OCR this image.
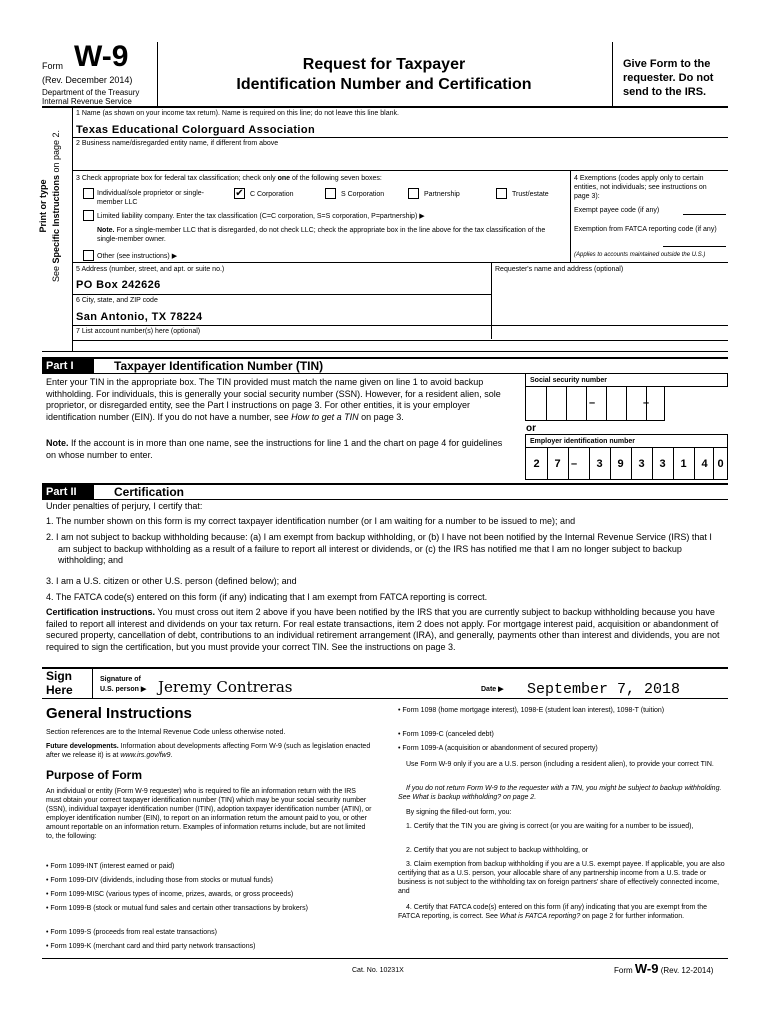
Form W-9
(Rev. December 2014)
Department of the Treasury
Internal Revenue Service
Request for Taxpayer
Identification Number and Certification
Give Form to the requester. Do not send to the IRS.
Print or type
See Specific Instructions on page 2.
1 Name (as shown on your income tax return). Name is required on this line; do not leave this line blank.
Texas Educational Colorguard Association
2 Business name/disregarded entity name, if different from above
3 Check appropriate box for federal tax classification; check only one of the following seven boxes:
Individual/sole proprietor or single-member LLC
✔ C Corporation	S Corporation	Partnership	Trust/estate
Limited liability company. Enter the tax classification (C=C corporation, S=S corporation, P=partnership) ▶
Note. For a single-member LLC that is disregarded, do not check LLC; check the appropriate box in the line above for the tax classification of the single-member owner.
Other (see instructions) ▶
4 Exemptions (codes apply only to certain entities, not individuals; see instructions on page 3):
Exempt payee code (if any)
Exemption from FATCA reporting code (if any)
(Applies to accounts maintained outside the U.S.)
5 Address (number, street, and apt. or suite no.)	Requester's name and address (optional)
PO Box 242626
6 City, state, and ZIP code
San Antonio, TX 78224
7 List account number(s) here (optional)
Part I	Taxpayer Identification Number (TIN)
Enter your TIN in the appropriate box. The TIN provided must match the name given on line 1 to avoid backup withholding. For individuals, this is generally your social security number (SSN). However, for a resident alien, sole proprietor, or disregarded entity, see the Part I instructions on page 3. For other entities, it is your employer identification number (EIN). If you do not have a number, see How to get a TIN on page 3.
Note. If the account is in more than one name, see the instructions for line 1 and the chart on page 4 for guidelines on whose number to enter.
Social security number
–	–
or
Employer identification number
2	7 –	3	9	3	3	1	4 0
Part II	Certification
Under penalties of perjury, I certify that:
1. The number shown on this form is my correct taxpayer identification number (or I am waiting for a number to be issued to me); and
2. I am not subject to backup withholding because: (a) I am exempt from backup withholding, or (b) I have not been notified by the Internal Revenue Service (IRS) that I am subject to backup withholding as a result of a failure to report all interest or dividends, or (c) the IRS has notified me that I am no longer subject to backup withholding; and
3. I am a U.S. citizen or other U.S. person (defined below); and
4. The FATCA code(s) entered on this form (if any) indicating that I am exempt from FATCA reporting is correct.
Certification instructions. You must cross out item 2 above if you have been notified by the IRS that you are currently subject to backup withholding because you have failed to report all interest and dividends on your tax return. For real estate transactions, item 2 does not apply. For mortgage interest paid, acquisition or abandonment of secured property, cancellation of debt, contributions to an individual retirement arrangement (IRA), and generally, payments other than interest and dividends, you are not required to sign the certification, but you must provide your correct TIN. See the instructions on page 3.
Sign
Here
Signature of
U.S. person ▶ Jeremy Contreras	Date ▶ September 7, 2018
General Instructions
Section references are to the Internal Revenue Code unless otherwise noted.
Future developments. Information about developments affecting Form W-9 (such as legislation enacted after we release it) is at www.irs.gov/fw9.
Purpose of Form
An individual or entity (Form W-9 requester) who is required to file an information return with the IRS must obtain your correct taxpayer identification number (TIN) which may be your social security number (SSN), individual taxpayer identification number (ITIN), adoption taxpayer identification number (ATIN), or employer identification number (EIN), to report on an information return the amount paid to you, or other amount reportable on an information return. Examples of information returns include, but are not limited to, the following:
• Form 1099-INT (interest earned or paid)
• Form 1099-DIV (dividends, including those from stocks or mutual funds)
• Form 1099-MISC (various types of income, prizes, awards, or gross proceeds)
• Form 1099-B (stock or mutual fund sales and certain other transactions by brokers)
• Form 1099-S (proceeds from real estate transactions)
• Form 1099-K (merchant card and third party network transactions)
• Form 1098 (home mortgage interest), 1098-E (student loan interest), 1098-T (tuition)
• Form 1099-C (canceled debt)
• Form 1099-A (acquisition or abandonment of secured property)
Use Form W-9 only if you are a U.S. person (including a resident alien), to provide your correct TIN.
If you do not return Form W-9 to the requester with a TIN, you might be subject to backup withholding. See What is backup withholding? on page 2.
By signing the filled-out form, you:
1. Certify that the TIN you are giving is correct (or you are waiting for a number to be issued),
2. Certify that you are not subject to backup withholding, or
3. Claim exemption from backup withholding if you are a U.S. exempt payee. If applicable, you are also certifying that as a U.S. person, your allocable share of any partnership income from a U.S. trade or business is not subject to the withholding tax on foreign partners' share of effectively connected income, and
4. Certify that FATCA code(s) entered on this form (if any) indicating that you are exempt from the FATCA reporting, is correct. See What is FATCA reporting? on page 2 for further information.
Cat. No. 10231X	Form W-9 (Rev. 12-2014)
